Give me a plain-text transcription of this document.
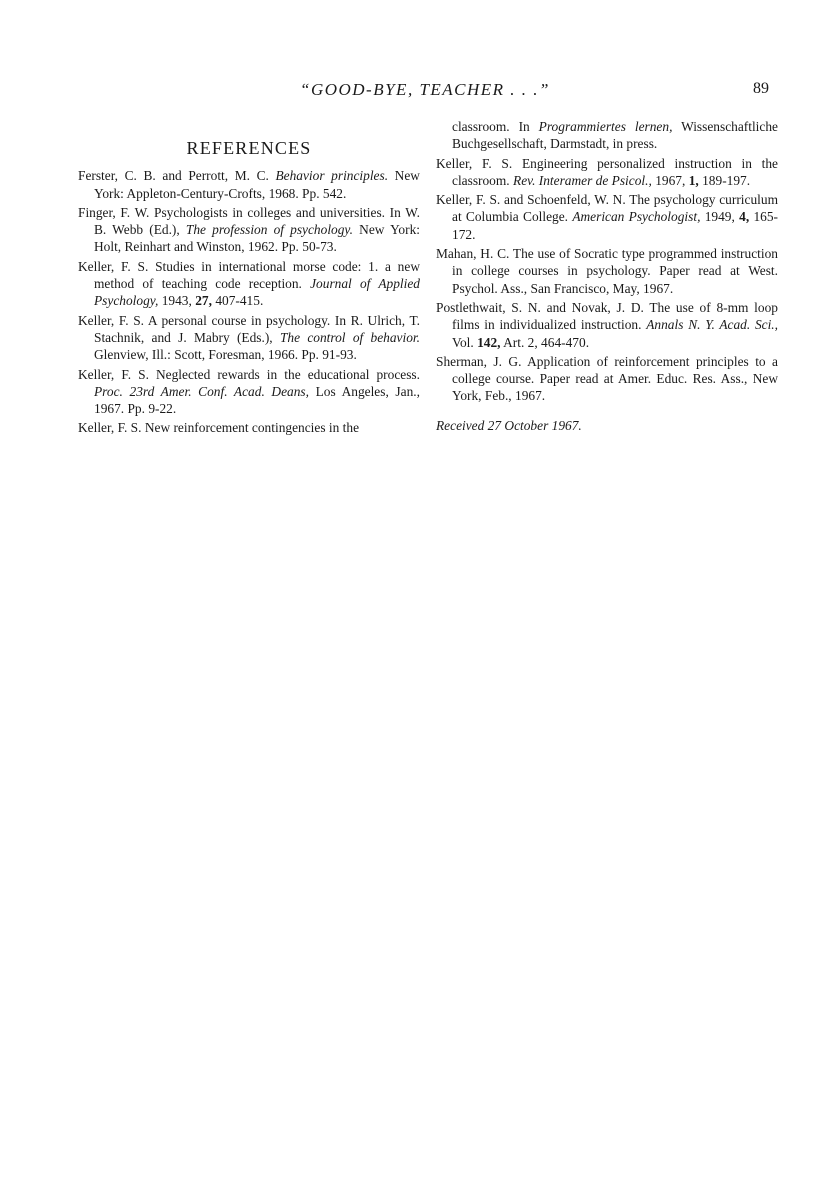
“GOOD-BYE, TEACHER . . .”	89
REFERENCES
Ferster, C. B. and Perrott, M. C. Behavior principles. New York: Appleton-Century-Crofts, 1968. Pp. 542.
Finger, F. W. Psychologists in colleges and universities. In W. B. Webb (Ed.), The profession of psychology. New York: Holt, Reinhart and Winston, 1962. Pp. 50-73.
Keller, F. S. Studies in international morse code: 1. a new method of teaching code reception. Journal of Applied Psychology, 1943, 27, 407-415.
Keller, F. S. A personal course in psychology. In R. Ulrich, T. Stachnik, and J. Mabry (Eds.), The control of behavior. Glenview, Ill.: Scott, Foresman, 1966. Pp. 91-93.
Keller, F. S. Neglected rewards in the educational process. Proc. 23rd Amer. Conf. Acad. Deans, Los Angeles, Jan., 1967. Pp. 9-22.
Keller, F. S. New reinforcement contingencies in the
classroom. In Programmiertes lernen, Wissenschaftliche Buchgesellschaft, Darmstadt, in press.
Keller, F. S. Engineering personalized instruction in the classroom. Rev. Interamer de Psicol., 1967, 1, 189-197.
Keller, F. S. and Schoenfeld, W. N. The psychology curriculum at Columbia College. American Psychologist, 1949, 4, 165-172.
Mahan, H. C. The use of Socratic type programmed instruction in college courses in psychology. Paper read at West. Psychol. Ass., San Francisco, May, 1967.
Postlethwait, S. N. and Novak, J. D. The use of 8-mm loop films in individualized instruction. Annals N. Y. Acad. Sci., Vol. 142, Art. 2, 464-470.
Sherman, J. G. Application of reinforcement principles to a college course. Paper read at Amer. Educ. Res. Ass., New York, Feb., 1967.
Received 27 October 1967.
